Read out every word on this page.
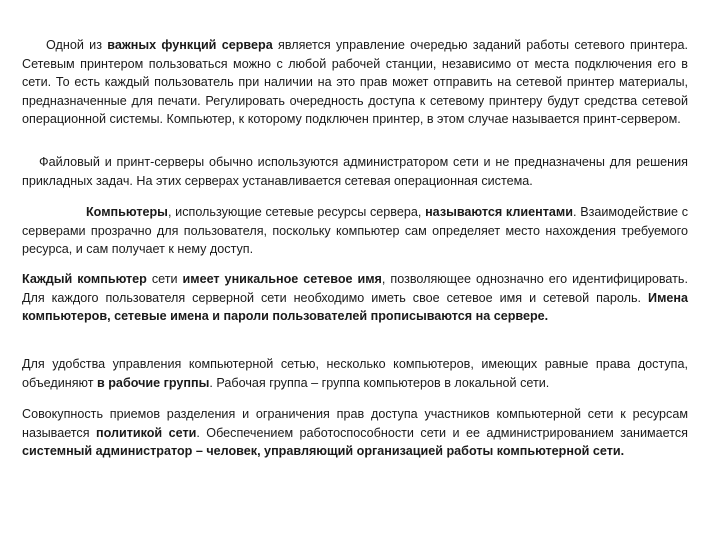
Одной из важных функций сервера является управление очередью заданий работы сетевого принтера. Сетевым принтером пользоваться можно с любой рабочей станции, независимо от места подключения его в сети. То есть каждый пользователь при наличии на это прав может отправить на сетевой принтер материалы, предназначенные для печати. Регулировать очередность доступа к сетевому принтеру будут средства сетевой операционной системы. Компьютер, к которому подключен принтер, в этом случае называется принт-сервером.

Файловый и принт-серверы обычно используются администратором сети и не предназначены для решения прикладных задач. На этих серверах устанавливается сетевая операционная система.

Компьютеры, использующие сетевые ресурсы сервера, называются клиентами. Взаимодействие с серверами прозрачно для пользователя, поскольку компьютер сам определяет место нахождения требуемого ресурса, и сам получает к нему доступ.

Каждый компьютер сети имеет уникальное сетевое имя, позволяющее однозначно его идентифицировать. Для каждого пользователя серверной сети необходимо иметь свое сетевое имя и сетевой пароль. Имена компьютеров, сетевые имена и пароли пользователей прописываются на сервере.

Для удобства управления компьютерной сетью, несколько компьютеров, имеющих равные права доступа, объединяют в рабочие группы. Рабочая группа – группа компьютеров в локальной сети.

Совокупность приемов разделения и ограничения прав доступа участников компьютерной сети к ресурсам называется политикой сети. Обеспечением работоспособности сети и ее администрированием занимается системный администратор – человек, управляющий организацией работы компьютерной сети.
